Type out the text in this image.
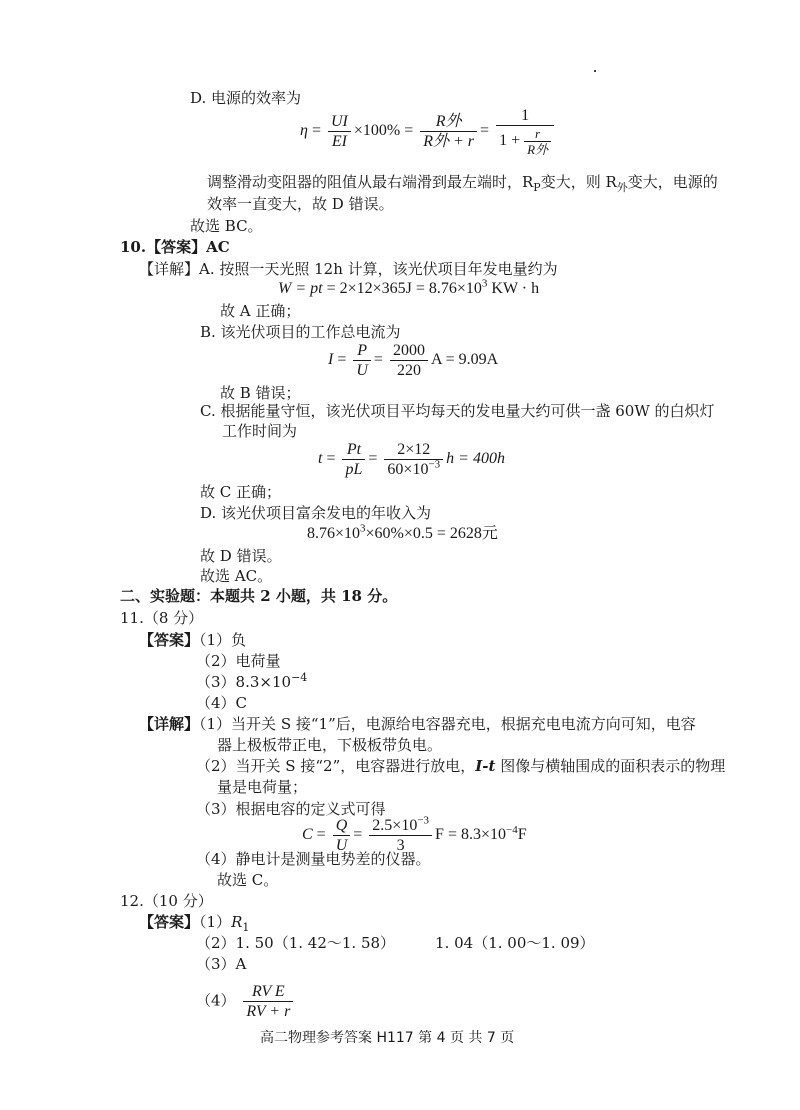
D. 电源的效率为
$\eta = \frac{UI}{EI} \times 100\% = \frac{\text{R外}}{\text{R外 + r}} = \frac{1}{1 + \frac{r}{\text{R外}}}$
调整滑动变阻器的阻值从最右端滑到最左端时，$R_P$变大，则 $R_外$变大，电源的
效率一直变大，故 D 错误。
故选 BC。
10.【答案】AC
【详解】A. 按照一天光照 12h 计算，该光伏项目年发电量约为
W = pt = $2\times 12\times 365J = 8.76\times 10^3$ KW · h
故 A 正确；
B. 该光伏项目的工作总电流为
$I = \frac{P}{U} = \frac{2000}{220}$ A = 9.09A
故 B 错误；
C. 根据能量守恒，该光伏项目平均每天的发电量大约可供一盏 60W 的白炽灯
工作时间为
$t = \frac{Pt}{pL} = \frac{2\times 12}{60\times 10^{-3}}$ h = 400h
故 C 正确；
D. 该光伏项目富余发电的年收入为
$8.76\times 10^3\times 60\%\times 0.5 = 2628$元
故 D 错误。
故选 AC。
二、实验题：本题共 2 小题，共 18 分。
11.（8 分）
【答案】（1）负
（2）电荷量
$(3)8.3\times 10^{-4}$
（4）C
【详解】（1）当开关 S 接“1”后，电源给电容器充电，根据充电电流方向可知，电容
器上极板带正电，下极板带负电。
（2）当开关 S 接“2”，电容器进行放电，I-t 图像与横轴围成的面积表示的物理
量是电荷量；
（3）根据电容的定义式可得
$C = \frac{Q}{U} = \frac{2.5\times 10^{-3}}{3}$ $F = 8.3\times 10^{-4}F$
（4）静电计是测量电势差的仪器。
故选 C。
12.（10 分）
【答案】$(1)R_1$
（2）1. 50（1. 42～1. 58）	1. 04（1. 00～1. 09）
（3）A
$(4) \frac{\text{RV E}}{RV + r}$
高二物理参考答案 H117 第 4 页 共 7 页
